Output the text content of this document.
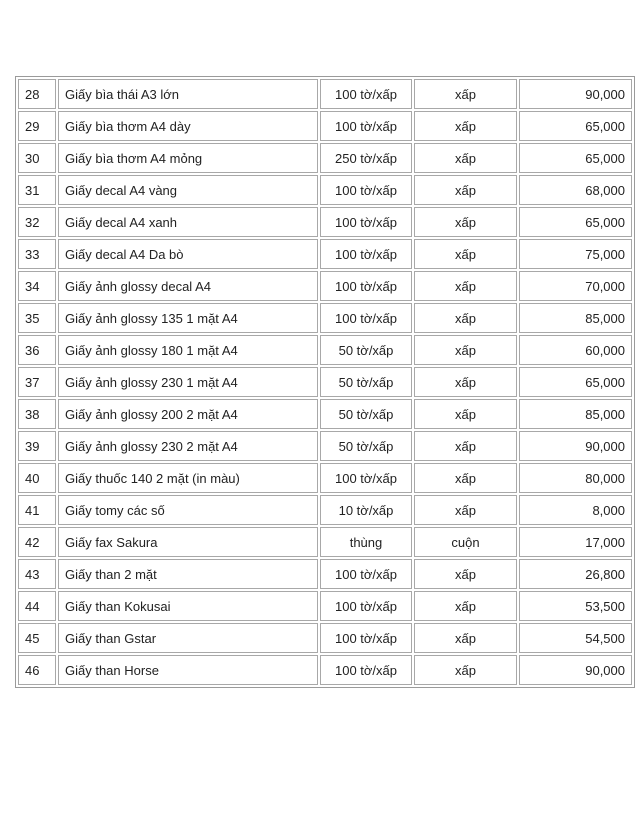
28	Giấy bìa thái A3 lớn	100 tờ/xấp	xấp	90,000
29	Giấy bìa thơm A4 dày	100 tờ/xấp	xấp	65,000
30	Giấy bìa thơm A4 mỏng	250 tờ/xấp	xấp	65,000
31	Giấy decal A4 vàng	100 tờ/xấp	xấp	68,000
32	Giấy decal A4 xanh	100 tờ/xấp	xấp	65,000
33	Giấy decal A4 Da bò	100 tờ/xấp	xấp	75,000
34	Giấy ảnh glossy decal A4	100 tờ/xấp	xấp	70,000
35	Giấy ảnh glossy 135 1 mặt A4	100 tờ/xấp	xấp	85,000
36	Giấy ảnh glossy 180 1 mặt A4	50 tờ/xấp	xấp	60,000
37	Giấy ảnh glossy 230 1 mặt A4	50 tờ/xấp	xấp	65,000
38	Giấy ảnh glossy 200 2 mặt A4	50 tờ/xấp	xấp	85,000
39	Giấy ảnh glossy 230 2 mặt A4	50 tờ/xấp	xấp	90,000
40	Giấy thuốc 140 2 mặt (in màu)	100 tờ/xấp	xấp	80,000
41	Giấy tomy các số	10 tờ/xấp	xấp	8,000
42	Giấy fax Sakura	thùng	cuộn	17,000
43	Giấy than 2 mặt	100 tờ/xấp	xấp	26,800
44	Giấy than Kokusai	100 tờ/xấp	xấp	53,500
45	Giấy than Gstar	100 tờ/xấp	xấp	54,500
46	Giấy than Horse	100 tờ/xấp	xấp	90,000
